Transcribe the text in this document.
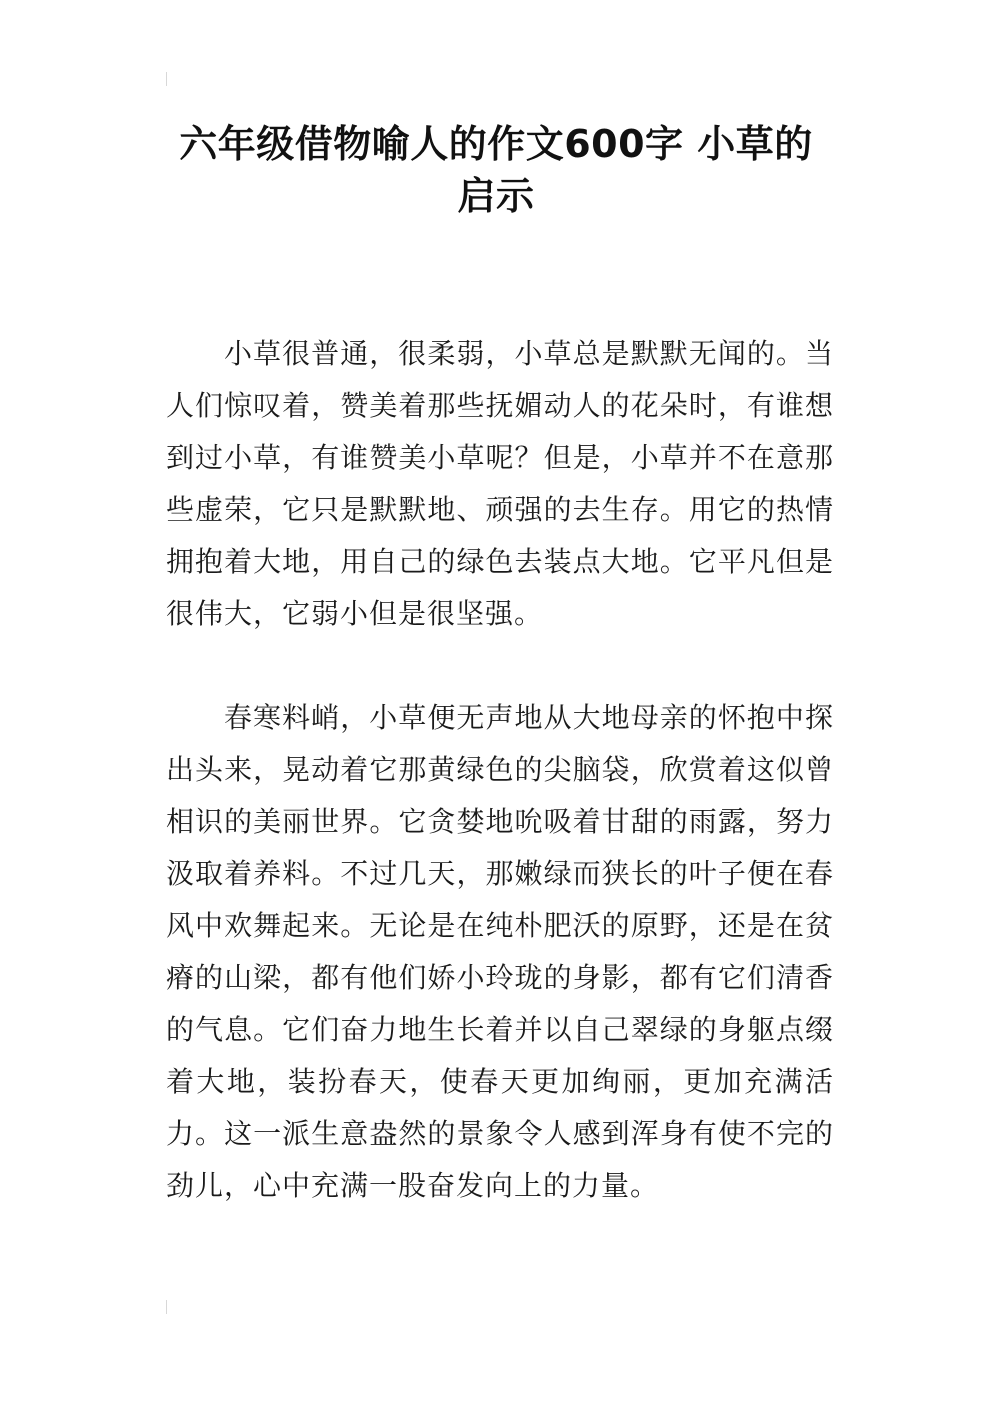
六年级借物喻人的作文600字 小草的启示

小草很普通，很柔弱，小草总是默默无闻的。当人们惊叹着，赞美着那些抚媚动人的花朵时，有谁想到过小草，有谁赞美小草呢？但是，小草并不在意那些虚荣，它只是默默地、顽强的去生存。用它的热情拥抱着大地，用自己的绿色去装点大地。它平凡但是很伟大，它弱小但是很坚强。

春寒料峭，小草便无声地从大地母亲的怀抱中探出头来，晃动着它那黄绿色的尖脑袋，欣赏着这似曾相识的美丽世界。它贪婪地吮吸着甘甜的雨露，努力汲取着养料。不过几天，那嫩绿而狭长的叶子便在春风中欢舞起来。无论是在纯朴肥沃的原野，还是在贫瘠的山梁，都有他们娇小玲珑的身影，都有它们清香的气息。它们奋力地生长着并以自己翠绿的身躯点缀着大地，装扮春天，使春天更加绚丽，更加充满活力。这一派生意盎然的景象令人感到浑身有使不完的劲儿，心中充满一股奋发向上的力量。
